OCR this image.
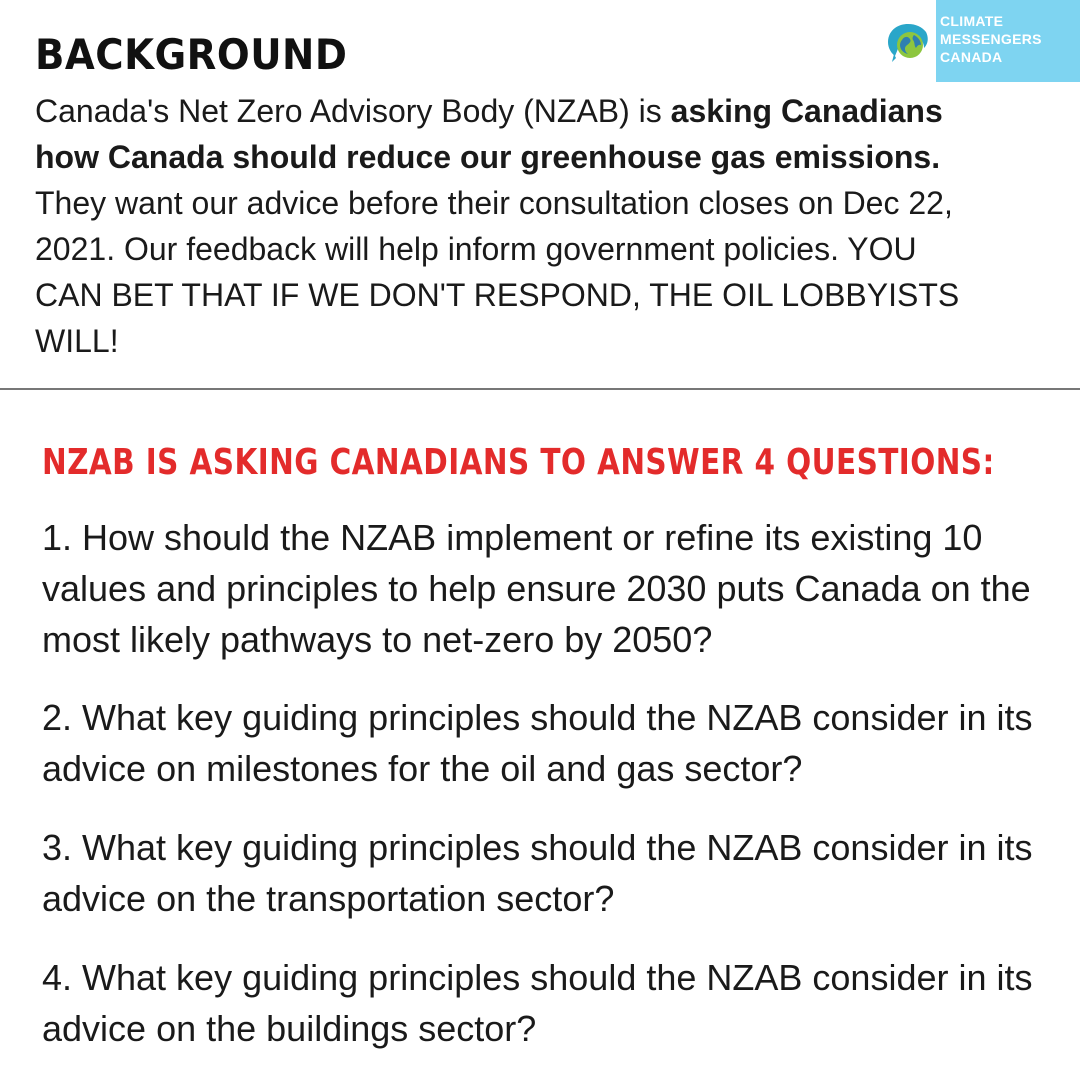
BACKGROUND

Canada's Net Zero Advisory Body (NZAB) is asking Canadians how Canada should reduce our greenhouse gas emissions. They want our advice before their consultation closes on Dec 22, 2021. Our feedback will help inform government policies. YOU CAN BET THAT IF WE DON'T RESPOND, THE OIL LOBBYISTS WILL!

CLIMATE
MESSENGERS
CANADA
NZAB IS ASKING CANADIANS TO ANSWER 4 QUESTIONS:

1. How should the NZAB implement or refine its existing 10 values and principles to help ensure 2030 puts Canada on the most likely pathways to net-zero by 2050?

2. What key guiding principles should the NZAB consider in its advice on milestones for the oil and gas sector?

3. What key guiding principles should the NZAB consider in its advice on the transportation sector?

4. What key guiding principles should the NZAB consider in its advice on the buildings sector?
